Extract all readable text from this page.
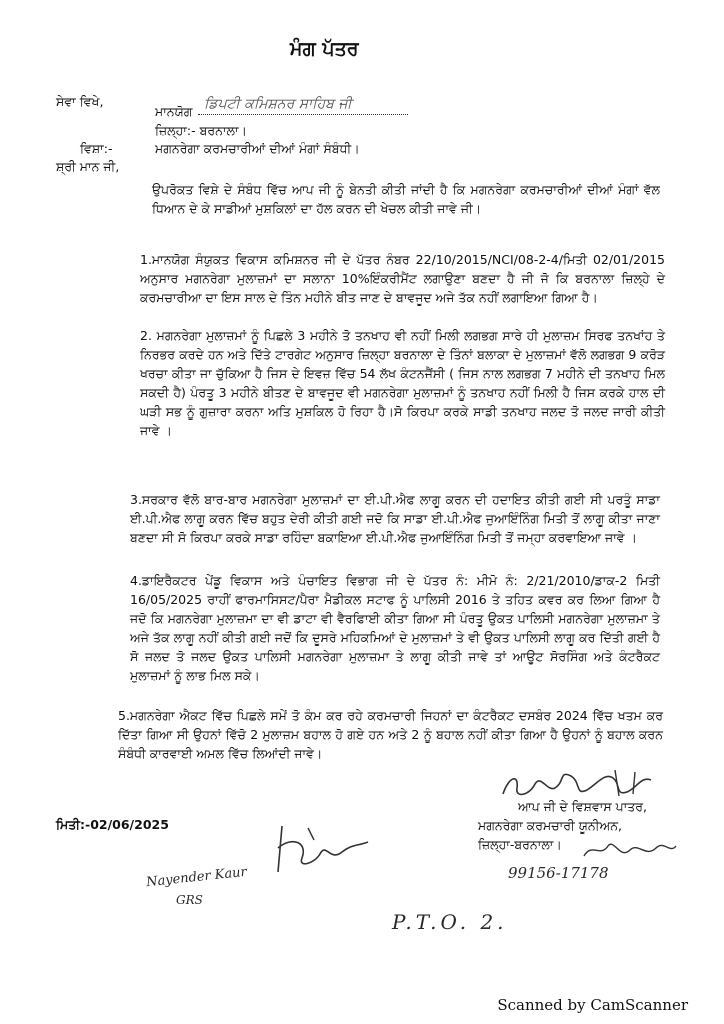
ਮੰਗ ਪੱਤਰ
ਸੇਵਾ ਵਿਖੇ,
ਮਾਨਯੋਗ ਡਿਪਟੀ ਕਮਿਸ਼ਨਰ ਸਾਹਿਬ ਜੀ
ਜ਼ਿਲ੍ਹਾ:- ਬਰਨਾਲਾ।
ਵਿਸ਼ਾ:-	ਮਗਨਰੇਗਾ ਕਰਮਚਾਰੀਆਂ ਦੀਆਂ ਮੰਗਾਂ ਸੰਬੰਧੀ।
ਸ਼੍ਰੀ ਮਾਨ ਜੀ,

ਉਪਰੋਕਤ ਵਿਸ਼ੇ ਦੇ ਸੰਬੰਧ ਵਿੱਚ ਆਪ ਜੀ ਨੂੰ ਬੇਨਤੀ ਕੀਤੀ ਜਾਂਦੀ ਹੈ ਕਿ ਮਗਨਰੇਗਾ ਕਰਮਚਾਰੀਆਂ ਦੀਆਂ ਮੰਗਾਂ ਵੱਲ ਧਿਆਨ ਦੇ ਕੇ ਸਾਡੀਆਂ ਮੁਸ਼ਕਿਲਾਂ ਦਾ ਹੱਲ ਕਰਨ ਦੀ ਖੇਚਲ ਕੀਤੀ ਜਾਵੇ ਜੀ।

1.ਮਾਨਯੋਗ ਸੰਯੁਕਤ ਵਿਕਾਸ ਕਮਿਸ਼ਨਰ ਜੀ ਦੇ ਪੱਤਰ ਨੰਬਰ 22/10/2015/NCI/08-2-4/ਮਿਤੀ 02/01/2015 ਅਨੁਸਾਰ ਮਗਨਰੇਗਾ ਮੁਲਾਜ਼ਮਾਂ ਦਾ ਸਲਾਨਾ 10%ਇੰਕਰੀਮੈਂਟ ਲਗਾਉਣਾ ਬਣਦਾ ਹੈ ਜੀ ਜੋ ਕਿ ਬਰਨਾਲਾ ਜ਼ਿਲ੍ਹੇ ਦੇ ਕਰਮਚਾਰੀਆ ਦਾ ਇਸ ਸਾਲ ਦੇ ਤਿੰਨ ਮਹੀਨੇ ਬੀਤ ਜਾਣ ਦੇ ਬਾਵਜੂਦ ਅਜੇ ਤੱਕ ਨਹੀਂ ਲਗਾਇਆ ਗਿਆ ਹੈ।

2. ਮਗਨਰੇਗਾ ਮੁਲਾਜ਼ਮਾਂ ਨੂੰ ਪਿਛਲੇ 3 ਮਹੀਨੇ ਤੋ ਤਨਖਾਹ ਵੀ ਨਹੀਂ ਮਿਲੀ ਲਗਭਗ ਸਾਰੇ ਹੀ ਮੁਲਾਜ਼ਮ ਸਿਰਫ ਤਨਖਾਂਹ ਤੇ ਨਿਰਭਰ ਕਰਦੇ ਹਨ ਅਤੇ ਦਿੱਤੇ ਟਾਰਗੇਟ ਅਨੁਸਾਰ ਜ਼ਿਲ੍ਹਾ ਬਰਨਾਲਾ ਦੇ ਤਿੰਨਾਂ ਬਲਾਕਾ ਦੇ ਮੁਲਾਜ਼ਮਾਂ ਵੱਲੋ ਲਗਭਗ 9 ਕਰੋੜ ਖਰਚਾ ਕੀਤਾ ਜਾ ਚੁੱਕਿਆ ਹੈ ਜਿਸ ਦੇ ਇਵਜ਼ ਵਿੱਚ 54 ਲੱਖ ਕੰਟਨਜੈਂਸੀ ( ਜਿਸ ਨਾਲ ਲਗਭਗ 7 ਮਹੀਨੇ ਦੀ ਤਨਖਾਹ ਮਿਲ ਸਕਦੀ ਹੈ) ਪੰਰਤੂ 3 ਮਹੀਨੇ ਬੀਤਣ ਦੇ ਬਾਵਜੂਦ ਵੀ ਮਗਨਰੇਗਾ ਮੁਲਾਜ਼ਮਾਂ ਨੂੰ ਤਨਖਾਹ ਨਹੀਂ ਮਿਲੀ ਹੈ ਜਿਸ ਕਰਕੇ ਹਾਲ ਦੀ ਘੜੀ ਸਭ ਨੂੰ ਗੁਜ਼ਾਰਾ ਕਰਨਾ ਅਤਿ ਮੁਸ਼ਕਿਲ ਹੋ ਰਿਹਾ ਹੈ।ਸੋ ਕਿਰਪਾ ਕਰਕੇ ਸਾਡੀ ਤਨਖਾਹ ਜਲਦ ਤੋ ਜਲਦ ਜਾਰੀ ਕੀਤੀ ਜਾਵੇ ।

3.ਸਰਕਾਰ ਵੱਲੋ ਬਾਰ-ਬਾਰ ਮਗਨਰੇਗਾ ਮੁਲਾਜ਼ਮਾਂ ਦਾ ਈ.ਪੀ.ਐਫ ਲਾਗੂ ਕਰਨ ਦੀ ਹਦਾਇਤ ਕੀਤੀ ਗਈ ਸੀ ਪਰਤੂੰ ਸਾਡਾ ਈ.ਪੀ.ਐਫ ਲਾਗੂ ਕਰਨ ਵਿੱਚ ਬਹੁਤ ਦੇਰੀ ਕੀਤੀ ਗਈ ਜਦੋ ਕਿ ਸਾਡਾ ਈ.ਪੀ.ਐਫ ਜੁਆਇੰਨਿੰਗ ਮਿਤੀ ਤੋਂ ਲਾਗੂ ਕੀਤਾ ਜਾਣਾ ਬਣਦਾ ਸੀ ਸੋ ਕਿਰਪਾ ਕਰਕੇ ਸਾਡਾ ਰਹਿੰਦਾ ਬਕਾਇਆ ਈ.ਪੀ.ਐਫ ਜੁਆਇੰਨਿੰਗ ਮਿਤੀ ਤੋਂ ਜਮ੍ਹਾ ਕਰਵਾਇਆ ਜਾਵੇ ।

4.ਡਾਇਰੈਕਟਰ ਪੇਂਡੂ ਵਿਕਾਸ ਅਤੇ ਪੰਚਾਇਤ ਵਿਭਾਗ ਜੀ ਦੇ ਪੱਤਰ ਨੰ: ਮੀਮੋ ਨੰ: 2/21/2010/ਡਾਕ-2 ਮਿਤੀ 16/05/2025 ਰਾਹੀਂ ਫਾਰਮਾਸਿਸਟ/ਪੈਰਾ ਮੈਡੀਕਲ ਸਟਾਫ ਨੂੰ ਪਾਲਿਸੀ 2016 ਤੇ ਤਹਿਤ ਕਵਰ ਕਰ ਲਿਆ ਗਿਆ ਹੈ ਜਦੋ ਕਿ ਮਗਨਰੇਗਾ ਮੁਲਾਜ਼ਮਾ ਦਾ ਵੀ ਡਾਟਾ ਵੀ ਵੈਰਫਿਾਈ ਕੀਤਾ ਗਿਆ ਸੀ ਪੰਰਤੂ ਉਕਤ ਪਾਲਿਸੀ ਮਗਨਰੇਗਾ ਮੁਲਾਜ਼ਮਾ ਤੇ ਅਜੇ ਤੱਕ ਲਾਗੂ ਨਹੀਂ ਕੀਤੀ ਗਈ ਜਦੋਂ ਕਿ ਦੂਸਰੇ ਮਹਿਕਮਿਆਂ ਦੇ ਮੁਲਾਜ਼ਮਾਂ ਤੇ ਵੀ ਉਕਤ ਪਾਲਿਸੀ ਲਾਗੂ ਕਰ ਦਿੱਤੀ ਗਈ ਹੈ ਸੋ ਜਲਦ ਤੋ ਜਲਦ ਉਕਤ ਪਾਲਿਸੀ ਮਗਨਰੇਗਾ ਮੁਲਾਜ਼ਮਾ ਤੇ ਲਾਗੂ ਕੀਤੀ ਜਾਵੇ ਤਾਂ ਆਊਟ ਸੋਰਸਿੰਗ ਅਤੇ ਕੰਟਰੈਕਟ ਮੁਲਾਜ਼ਮਾਂ ਨੂੰ ਲਾਭ ਮਿਲ ਸਕੇ।

5.ਮਗਨਰੇਗਾ ਐਕਟ ਵਿੱਚ ਪਿਛਲੇ ਸਮੇਂ ਤੋ ਕੰਮ ਕਰ ਰਹੇ ਕਰਮਚਾਰੀ ਜਿਹਨਾਂ ਦਾ ਕੰਟਰੈਕਟ ਦਸਬੰਰ 2024 ਵਿੱਚ ਖਤਮ ਕਰ ਦਿੱਤਾ ਗਿਆ ਸੀ ਉਹਨਾਂ ਵਿੱਚੋ 2 ਮੁਲਾਜ਼ਮ ਬਹਾਲ ਹੋ ਗਏ ਹਨ ਅਤੇ 2 ਨੂੰ ਬਹਾਲ ਨਹੀਂ ਕੀਤਾ ਗਿਆ ਹੈ ਉਹਨਾਂ ਨੂੰ ਬਹਾਲ ਕਰਨ ਸੰਬੰਧੀ ਕਾਰਵਾਈ ਅਮਲ ਵਿੱਚ ਲਿਆਂਦੀ ਜਾਵੇ।

ਮਿਤੀ:-02/06/2025
ਆਪ ਜੀ ਦੇ ਵਿਸ਼ਵਾਸ ਪਾਤਰ,
ਮਗਨਰੇਗਾ ਕਰਮਚਾਰੀ ਯੂਨੀਅਨ,
ਜ਼ਿਲ੍ਹਾ-ਬਰਨਾਲਾ।
99156-17178
Nayender Kaur
GRS
P.T.O. 2.
Scanned by CamScanner
